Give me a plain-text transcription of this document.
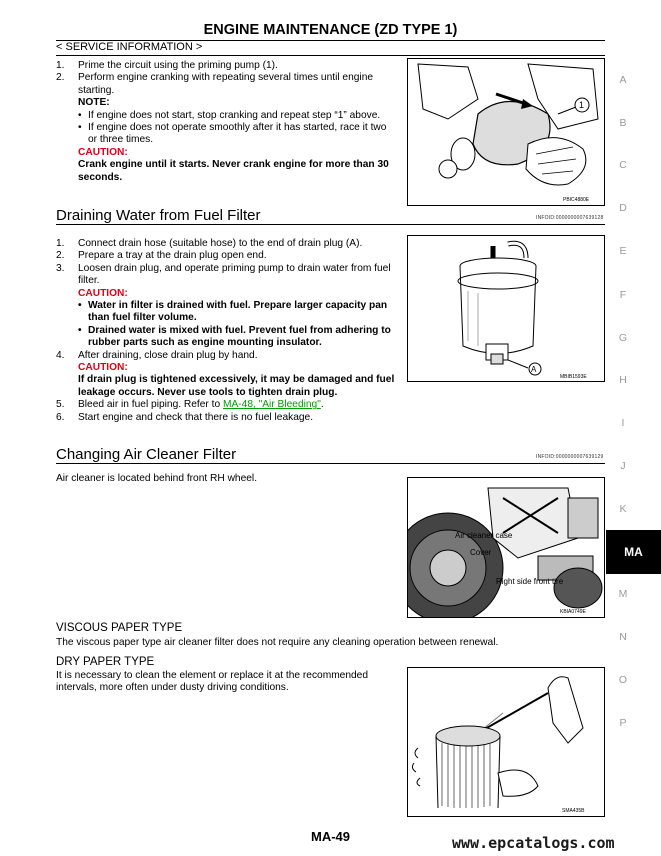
ENGINE MAINTENANCE (ZD TYPE 1)
< SERVICE INFORMATION >
1.	Prime the circuit using the priming pump (1).
2.	Perform engine cranking with repeating several times until engine starting.
NOTE:
• If engine does not start, stop cranking and repeat step “1” above.
• If engine does not operate smoothly after it has started, race it two or three times.
CAUTION:
Crank engine until it starts. Never crank engine for more than 30 seconds.
1
PBIC4880E
Draining Water from Fuel Filter	INFOID:0000000007639128
1.	Connect drain hose (suitable hose) to the end of drain plug (A).
2.	Prepare a tray at the drain plug open end.
3.	Loosen drain plug, and operate priming pump to drain water from fuel filter.
CAUTION:
• Water in filter is drained with fuel. Prepare larger capacity pan than fuel filter volume.
• Drained water is mixed with fuel. Prevent fuel from adhering to rubber parts such as engine mounting insulator.
4.	After draining, close drain plug by hand.
CAUTION:
If drain plug is tightened excessively, it may be damaged and fuel leakage occurs. Never use tools to tighten drain plug.
5.	Bleed air in fuel piping. Refer to MA-48, "Air Bleeding".
6.	Start engine and check that there is no fuel leakage.
A
MBIB1593E
Changing Air Cleaner Filter	INFOID:0000000007639129
Air cleaner is located behind front RH wheel.
Air cleaner case
Cover
Right side front tire
KBIA0749E
VISCOUS PAPER TYPE
The viscous paper type air cleaner filter does not require any cleaning operation between renewal.
DRY PAPER TYPE
It is necessary to clean the element or replace it at the recommended intervals, more often under dusty driving conditions.
SMA435B
A
B
C
D
E
F
G
H
I
J
K
MA
M
N
O
P
MA-49	www.epcatalogs.com
